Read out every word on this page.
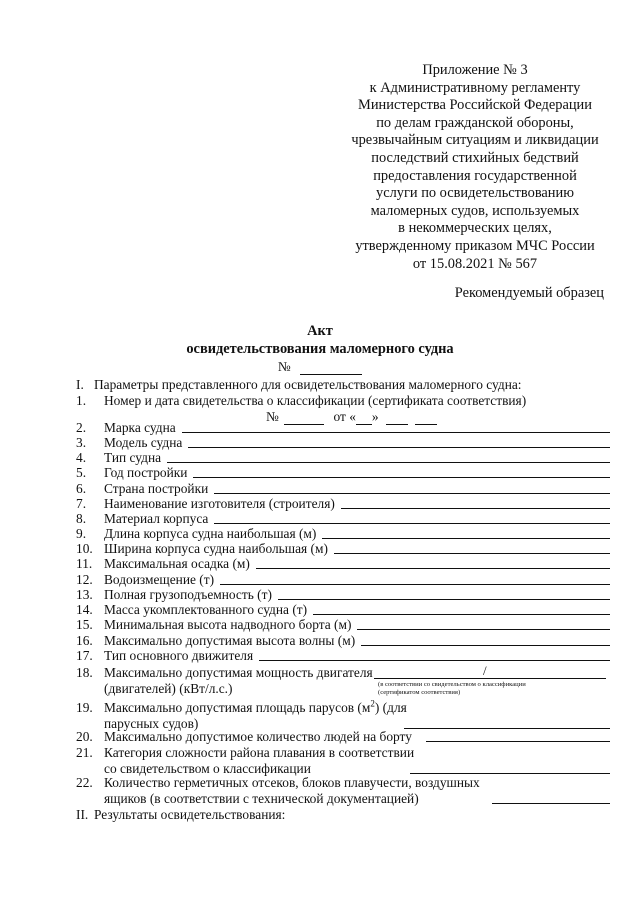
Приложение № 3
к Административному регламенту
Министерства Российской Федерации
по делам гражданской обороны,
чрезвычайным ситуациям и ликвидации
последствий стихийных бедствий
предоставления государственной
услуги по освидетельствованию
маломерных судов, используемых
в некоммерческих целях,
утвержденному приказом МЧС России
от 15.08.2021 № 567
Рекомендуемый образец
Акт
освидетельствования маломерного судна
№
I. Параметры представленного для освидетельствования маломерного судна:
1. Номер и дата свидетельства о классификации (сертификата соответствия)
№	от « »
2.	Марка судна
3.	Модель судна
4.	Тип судна
5.	Год постройки
6.	Страна постройки
7.	Наименование изготовителя (строителя)
8.	Материал корпуса
9.	Длина корпуса судна наибольшая (м)
10. Ширина корпуса судна наибольшая (м)
11. Максимальная осадка (м)
12. Водоизмещение (т)
13. Полная грузоподъемность (т)
14. Масса укомплектованного судна (т)
15. Минимальная высота надводного борта (м)
16. Максимально допустимая высота волны (м)
17. Тип основного движителя
18. Максимально допустимая мощность двигателя
(двигателей) (кВт/л.с.)
/
(в соответствии со свидетельством о классификации
(сертификатом соответствия)
19. Максимально допустимая площадь парусов $(м^2)$ (для
парусных судов)
20. Максимально допустимое количество людей на борту
21. Категория сложности района плавания в соответствии
со свидетельством о классификации
22. Количество герметичных отсеков, блоков плавучести, воздушных
ящиков (в соответствии с технической документацией)
II. Результаты освидетельствования:
